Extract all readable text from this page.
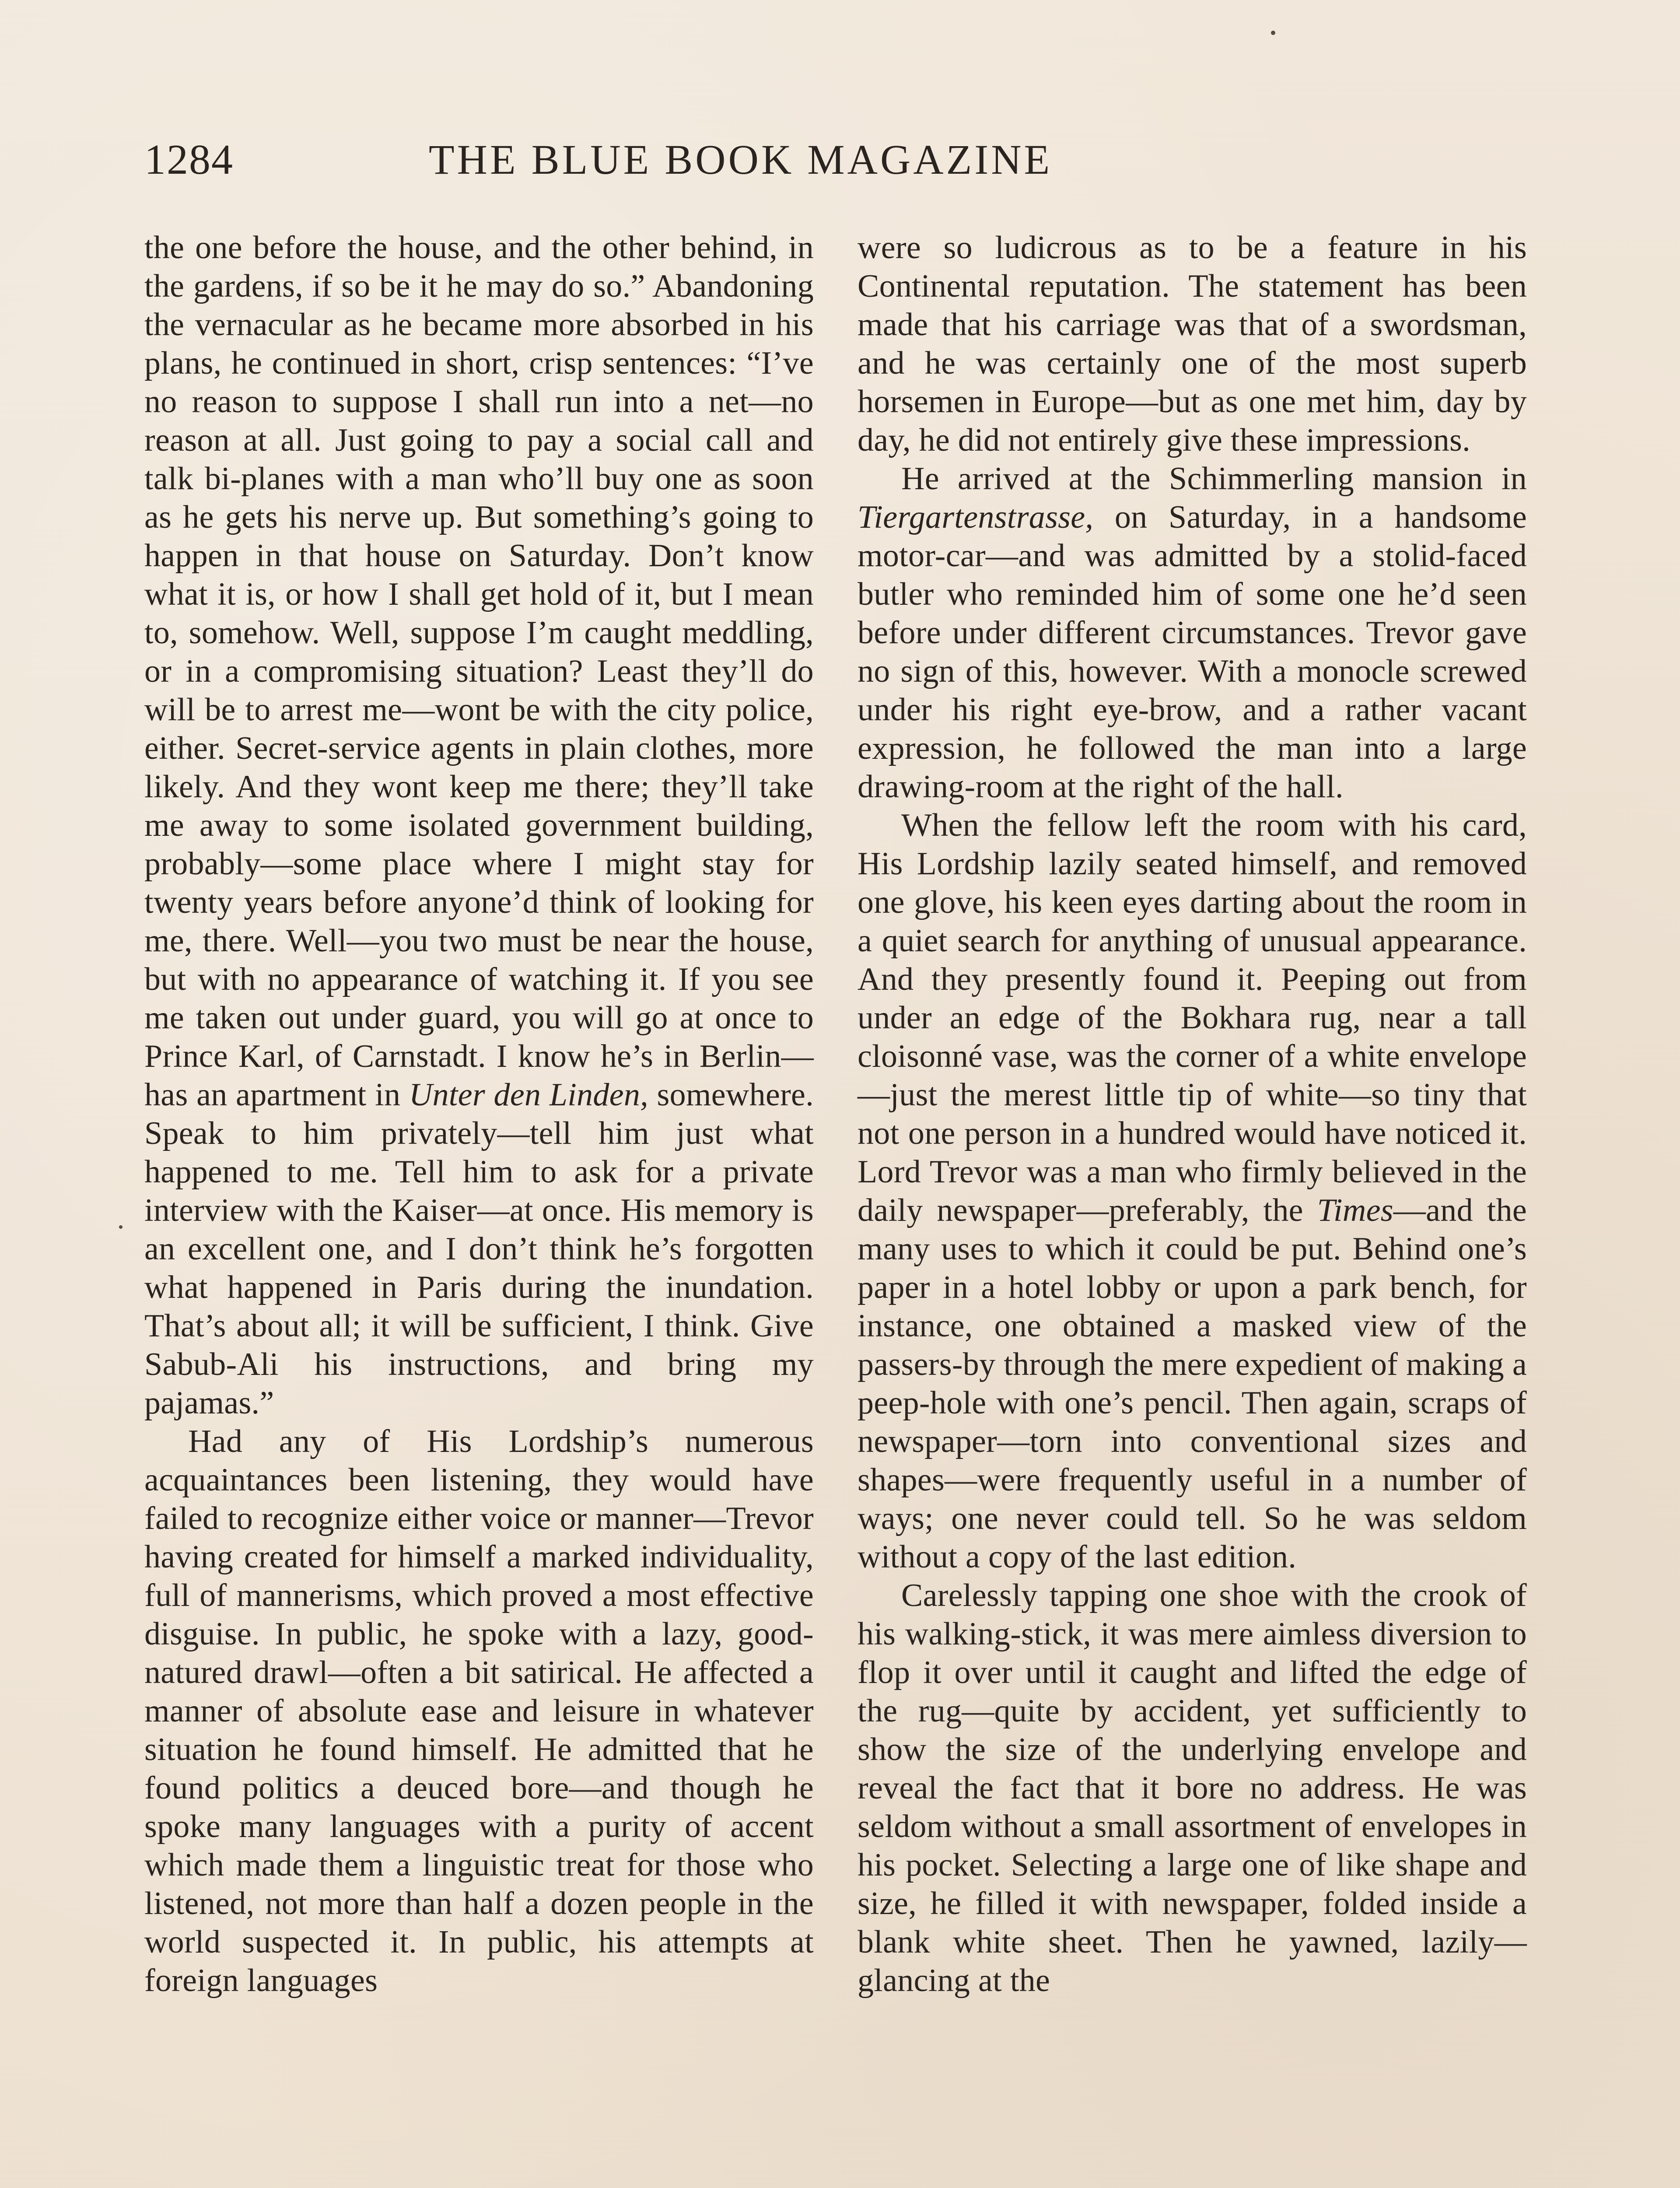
1284	THE BLUE BOOK MAGAZINE

the one before the house, and the other behind, in the gardens, if so be it he may do so.” Abandoning the vernacular as he became more absorbed in his plans, he continued in short, crisp sentences: “I’ve no reason to suppose I shall run into a net—no reason at all. Just going to pay a social call and talk bi-planes with a man who’ll buy one as soon as he gets his nerve up. But something’s going to happen in that house on Saturday. Don’t know what it is, or how I shall get hold of it, but I mean to, somehow. Well, suppose I’m caught meddling, or in a compromising situation? Least they’ll do will be to arrest me—wont be with the city police, either. Secret-service agents in plain clothes, more likely. And they wont keep me there; they’ll take me away to some isolated government building, probably—some place where I might stay for twenty years before anyone’d think of looking for me, there. Well—you two must be near the house, but with no appearance of watching it. If you see me taken out under guard, you will go at once to Prince Karl, of Carnstadt. I know he’s in Berlin—has an apartment in Unter den Linden, somewhere. Speak to him privately—tell him just what happened to me. Tell him to ask for a private interview with the Kaiser—at once. His memory is an excellent one, and I don’t think he’s forgotten what happened in Paris during the inundation. That’s about all; it will be sufficient, I think. Give Sabub-Ali his instructions, and bring my pajamas.”

Had any of His Lordship’s numerous acquaintances been listening, they would have failed to recognize either voice or manner—Trevor having created for himself a marked individuality, full of mannerisms, which proved a most effective disguise. In public, he spoke with a lazy, good-natured drawl—often a bit satirical. He affected a manner of absolute ease and leisure in whatever situation he found himself. He admitted that he found politics a deuced bore—and though he spoke many languages with a purity of accent which made them a linguistic treat for those who listened, not more than half a dozen people in the world suspected it. In public, his attempts at foreign languages

were so ludicrous as to be a feature in his Continental reputation. The statement has been made that his carriage was that of a swordsman, and he was certainly one of the most superb horsemen in Europe—but as one met him, day by day, he did not entirely give these impressions.

He arrived at the Schimmerling mansion in Tiergartenstrasse, on Saturday, in a handsome motor-car—and was admitted by a stolid-faced butler who reminded him of some one he’d seen before under different circumstances. Trevor gave no sign of this, however. With a monocle screwed under his right eye-brow, and a rather vacant expression, he followed the man into a large drawing-room at the right of the hall.

When the fellow left the room with his card, His Lordship lazily seated himself, and removed one glove, his keen eyes darting about the room in a quiet search for anything of unusual appearance. And they presently found it. Peeping out from under an edge of the Bokhara rug, near a tall cloisonné vase, was the corner of a white envelope—just the merest little tip of white—so tiny that not one person in a hundred would have noticed it. Lord Trevor was a man who firmly believed in the daily newspaper—preferably, the Times—and the many uses to which it could be put. Behind one’s paper in a hotel lobby or upon a park bench, for instance, one obtained a masked view of the passers-by through the mere expedient of making a peep-hole with one’s pencil. Then again, scraps of newspaper—torn into conventional sizes and shapes—were frequently useful in a number of ways; one never could tell. So he was seldom without a copy of the last edition.

Carelessly tapping one shoe with the crook of his walking-stick, it was mere aimless diversion to flop it over until it caught and lifted the edge of the rug—quite by accident, yet sufficiently to show the size of the underlying envelope and reveal the fact that it bore no address. He was seldom without a small assortment of envelopes in his pocket. Selecting a large one of like shape and size, he filled it with newspaper, folded inside a blank white sheet. Then he yawned, lazily—glancing at the
